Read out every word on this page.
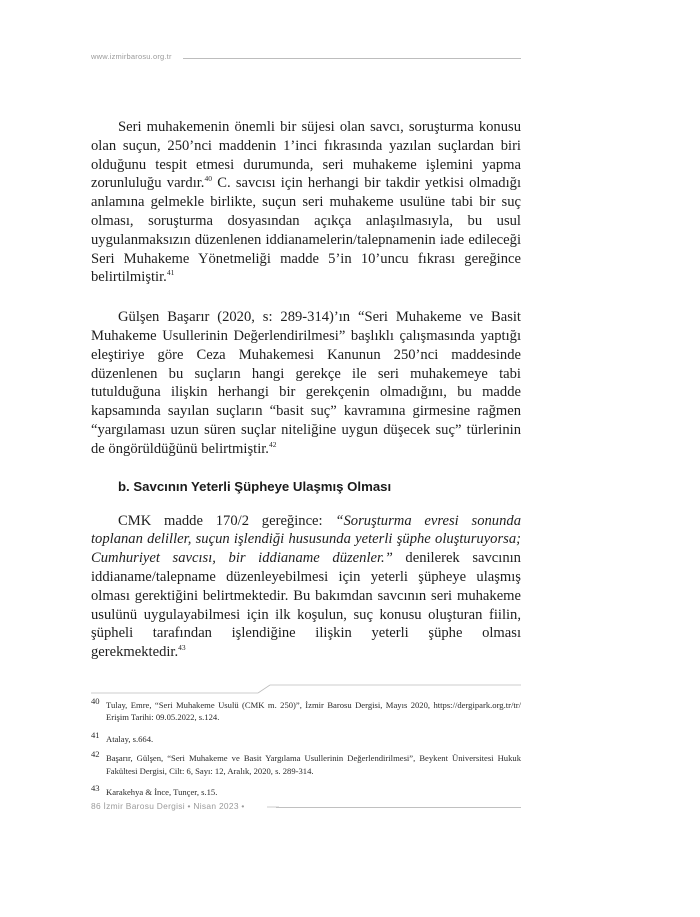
www.izmirbarosu.org.tr

Seri muhakemenin önemli bir süjesi olan savcı, soruşturma konusu olan suçun, 250’nci maddenin 1’inci fıkrasında yazılan suçlardan biri olduğunu tespit etmesi durumunda, seri muhakeme işlemini yapma zorunluluğu vardır.$^{40}$ C. savcısı için herhangi bir takdir yetkisi olmadığı anlamına gelmekle birlikte, suçun seri muhakeme usulüne tabi bir suç olması, soruşturma dosyasından açıkça anlaşılmasıyla, bu usul uygulanmaksızın düzenlenen iddianamelerin/talepnamenin iade edileceği Seri Muhakeme Yönetmeliği madde 5’in 10’uncu fıkrası gereğince belirtilmiştir.$^{41}$

Gülşen Başarır (2020, s: 289-314)’ın “Seri Muhakeme ve Basit Muhakeme Usullerinin Değerlendirilmesi” başlıklı çalışmasında yaptığı eleştiriye göre Ceza Muhakemesi Kanunun 250’nci maddesinde düzenlenen bu suçların hangi gerekçe ile seri muhakemeye tabi tutulduğuna ilişkin herhangi bir gerekçenin olmadığını, bu madde kapsamında sayılan suçların “basit suç” kavramına girmesine rağmen “yargılaması uzun süren suçlar niteliğine uygun düşecek suç” türlerinin de öngörüldüğünü belirtmiştir.$^{42}$

b. Savcının Yeterli Şüpheye Ulaşmış Olması

CMK madde 170/2 gereğince: “Soruşturma evresi sonunda toplanan deliller, suçun işlendiği hususunda yeterli şüphe oluşturuyorsa; Cumhuriyet savcısı, bir iddianame düzenler.” denilerek savcının iddianame/talepname düzenleyebilmesi için yeterli şüpheye ulaşmış olması gerektiğini belirtmektedir. Bu bakımdan savcının seri muhakeme usulünü uygulayabilmesi için ilk koşulun, suç konusu oluşturan fiilin, şüpheli tarafından işlendiğine ilişkin yeterli şüphe olması gerekmektedir.$^{43}$

40 Tulay, Emre, “Seri Muhakeme Usulü (CMK m. 250)”, İzmir Barosu Dergisi, Mayıs 2020, https://dergipark.org.tr/tr/ Erişim Tarihi: 09.05.2022, s.124.
41 Atalay, s.664.
42 Başarır, Gülşen, “Seri Muhakeme ve Basit Yargılama Usullerinin Değerlendirilmesi”, Beykent Üniversitesi Hukuk Fakültesi Dergisi, Cilt: 6, Sayı: 12, Aralık, 2020, s. 289-314.
43 Karakehya & İnce, Tunçer, s.15.
86 İzmir Barosu Dergisi • Nisan 2023 •
